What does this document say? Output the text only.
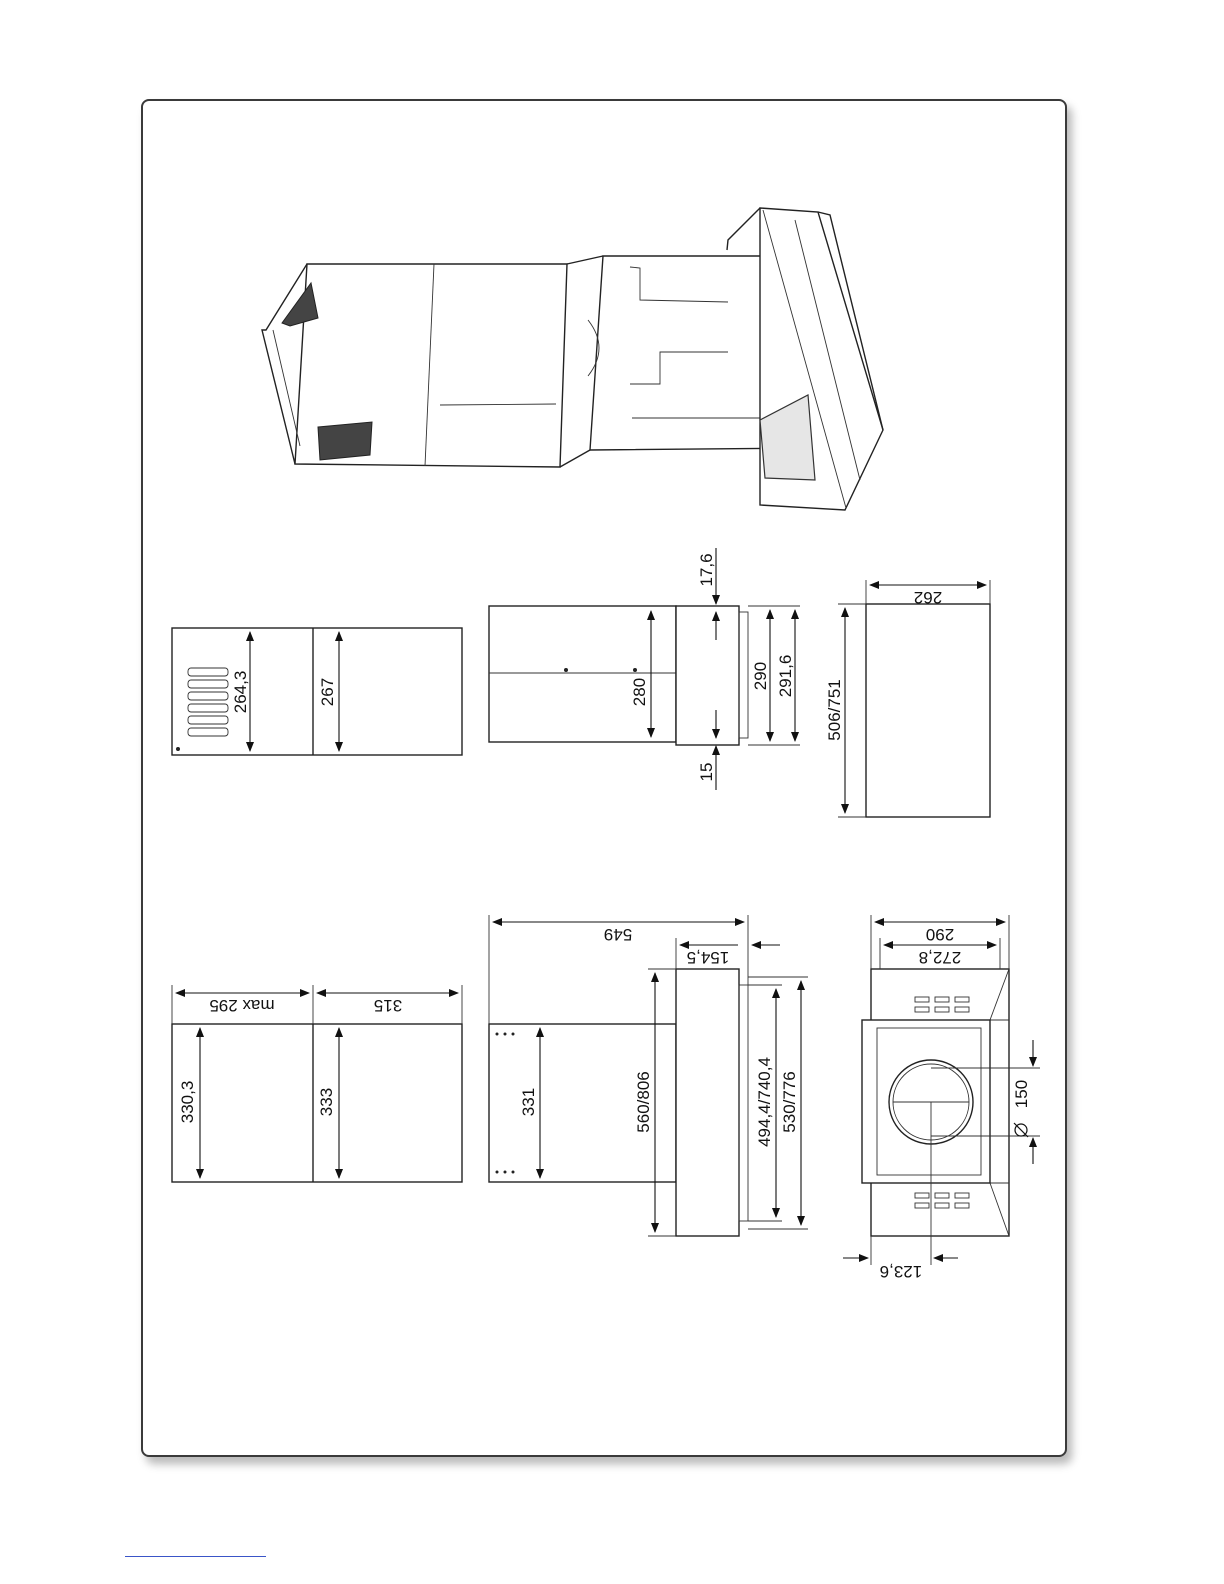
264,3	267
17,6
280
15
290 291,6
262
506/751
max 295	315
330,3	333
549
154,5
331	560/806	494,4/740,4 530/776
290
272,8
150
123,6
